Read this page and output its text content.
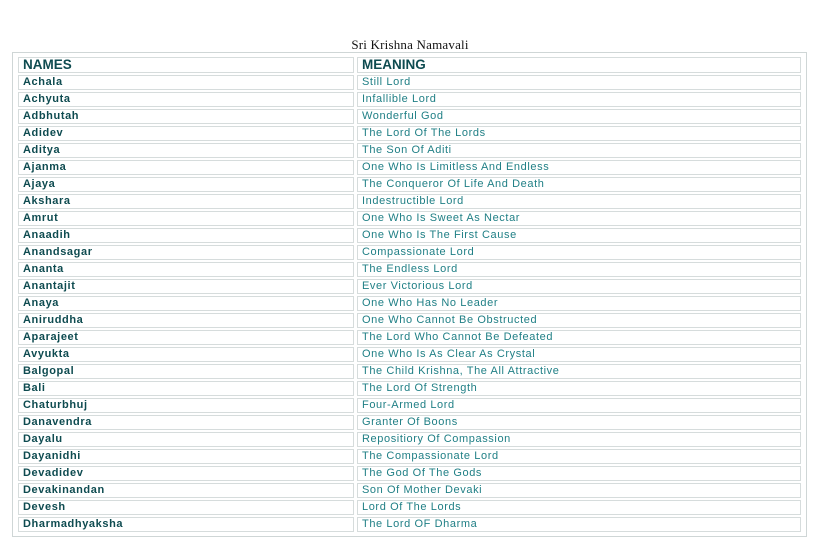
Sri Krishna Namavali
NAMES	MEANING
Achala	Still Lord
Achyuta	Infallible Lord
Adbhutah	Wonderful God
Adidev	The Lord Of The Lords
Aditya	The Son Of Aditi
Ajanma	One Who Is Limitless And Endless
Ajaya	The Conqueror Of Life And Death
Akshara	Indestructible Lord
Amrut	One Who Is Sweet As Nectar
Anaadih	One Who Is The First Cause
Anandsagar	Compassionate Lord
Ananta	The Endless Lord
Anantajit	Ever Victorious Lord
Anaya	One Who Has No Leader
Aniruddha	One Who Cannot Be Obstructed
Aparajeet	The Lord Who Cannot Be Defeated
Avyukta	One Who Is As Clear As Crystal
Balgopal	The Child Krishna, The All Attractive
Bali	The Lord Of Strength
Chaturbhuj	Four-Armed Lord
Danavendra	Granter Of Boons
Dayalu	Repositiory Of Compassion
Dayanidhi	The Compassionate Lord
Devadidev	The God Of The Gods
Devakinandan	Son Of Mother Devaki
Devesh	Lord Of The Lords
Dharmadhyaksha	The Lord OF Dharma
